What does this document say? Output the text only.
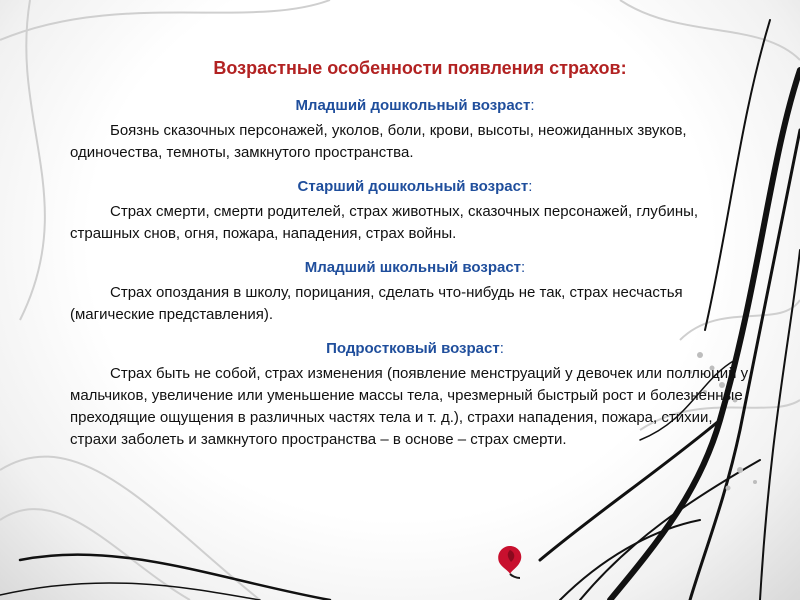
Возрастные особенности появления страхов:
Младший дошкольный возраст:

Боязнь сказочных персонажей, уколов, боли, крови, высоты, неожиданных звуков, одиночества, темноты, замкнутого пространства.

Старший дошкольный возраст:

Страх смерти, смерти родителей, страх животных, сказочных персонажей, глубины, страшных снов, огня, пожара, нападения, страх войны.

Младший школьный возраст:

Страх опоздания в школу, порицания, сделать что-нибудь не так, страх несчастья (магические представления).

Подростковый возраст:

Страх быть не собой, страх изменения (появление менструаций у девочек или поллюций у мальчиков, увеличение или уменьшение массы тела, чрезмерный быстрый рост и болезненные преходящие ощущения в различных частях тела и т. д.), страхи нападения, пожара, стихии, страхи заболеть и замкнутого пространства – в основе – страх смерти.
